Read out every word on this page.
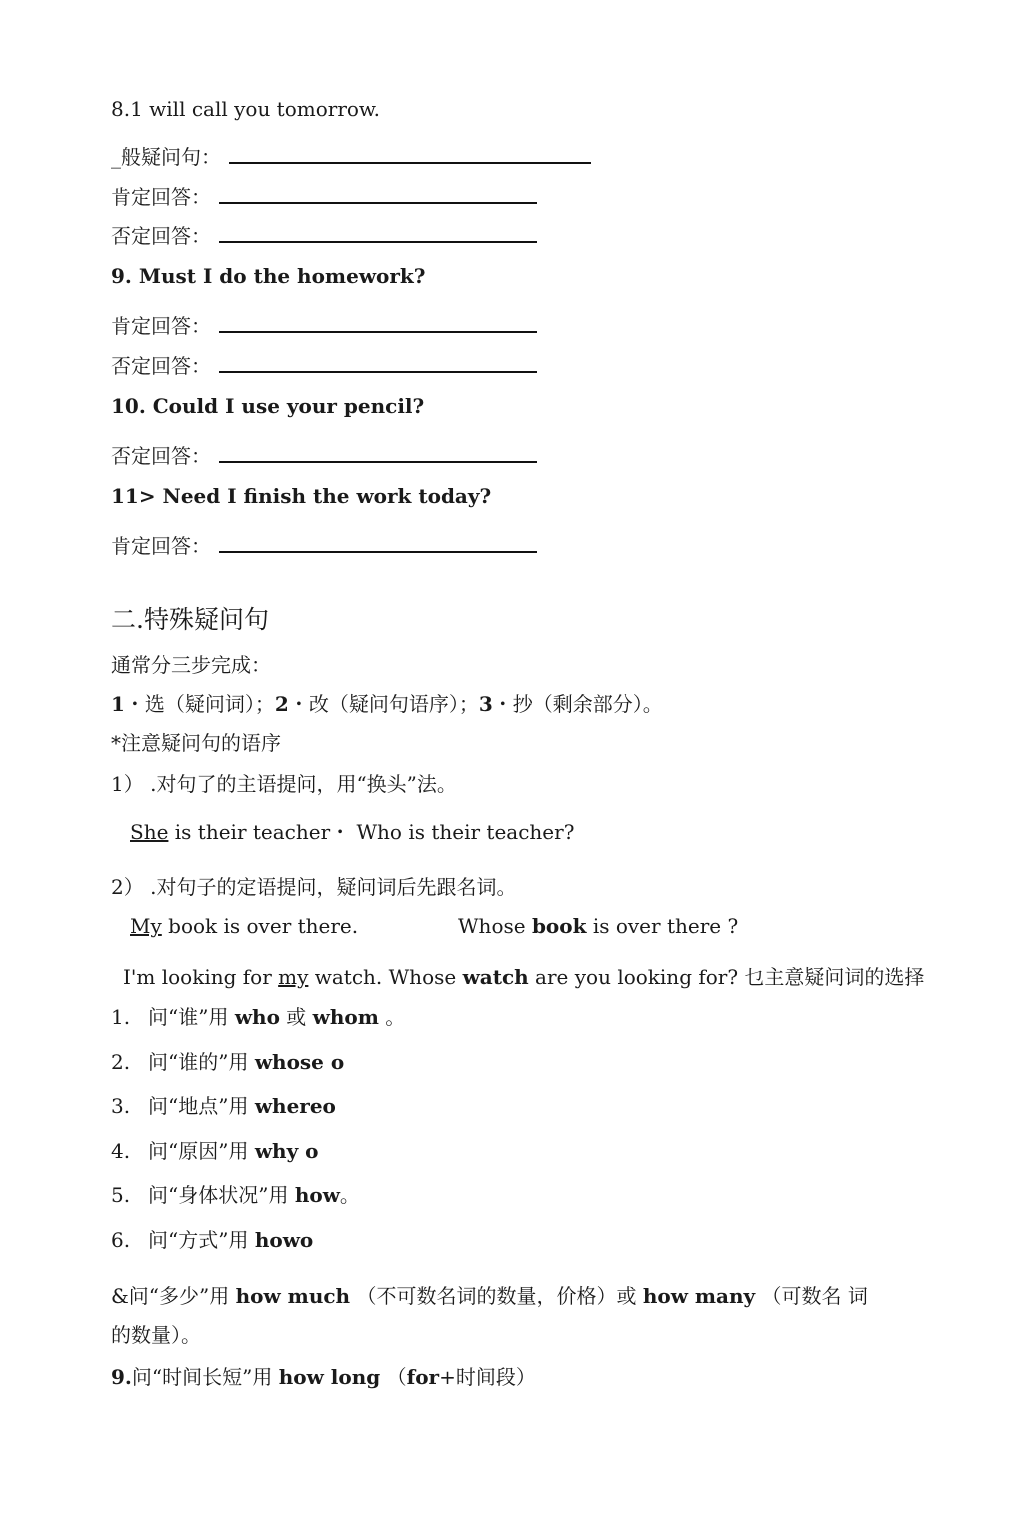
8.1 will call you tomorrow.
_般疑问句：
肯定回答：
否定回答：
9. Must I do the homework?
肯定回答：
否定回答：
10. Could I use your pencil?
否定回答：
11> Need I finish the work today?
肯定回答：
二.特殊疑问句
通常分三步完成：
1・选（疑问词）；2・改（疑问句语序）；3・抄（剩余部分）。
*注意疑问句的语序
1） .对句了的主语提问，用“换头”法。
She is their teacher・ Who is their teacher?
2） .对句子的定语提问，疑问词后先跟名词。
My book is over there.	Whose book is over there ?
I'm looking for my watch. Whose watch are you looking for? 乜主意疑问词的选择
1. 问“谁”用 who 或 whom 。
2. 问“谁的”用 whose o
3. 问“地点”用 whereo
4. 问“原因”用 why o
5. 问“身体状况”用 how。
6. 问“方式”用 howo
&问“多少”用 how much （不可数名词的数量，价格）或 how many （可数名 词
的数量）。
9.问“时间长短”用 how long （for+时间段）
